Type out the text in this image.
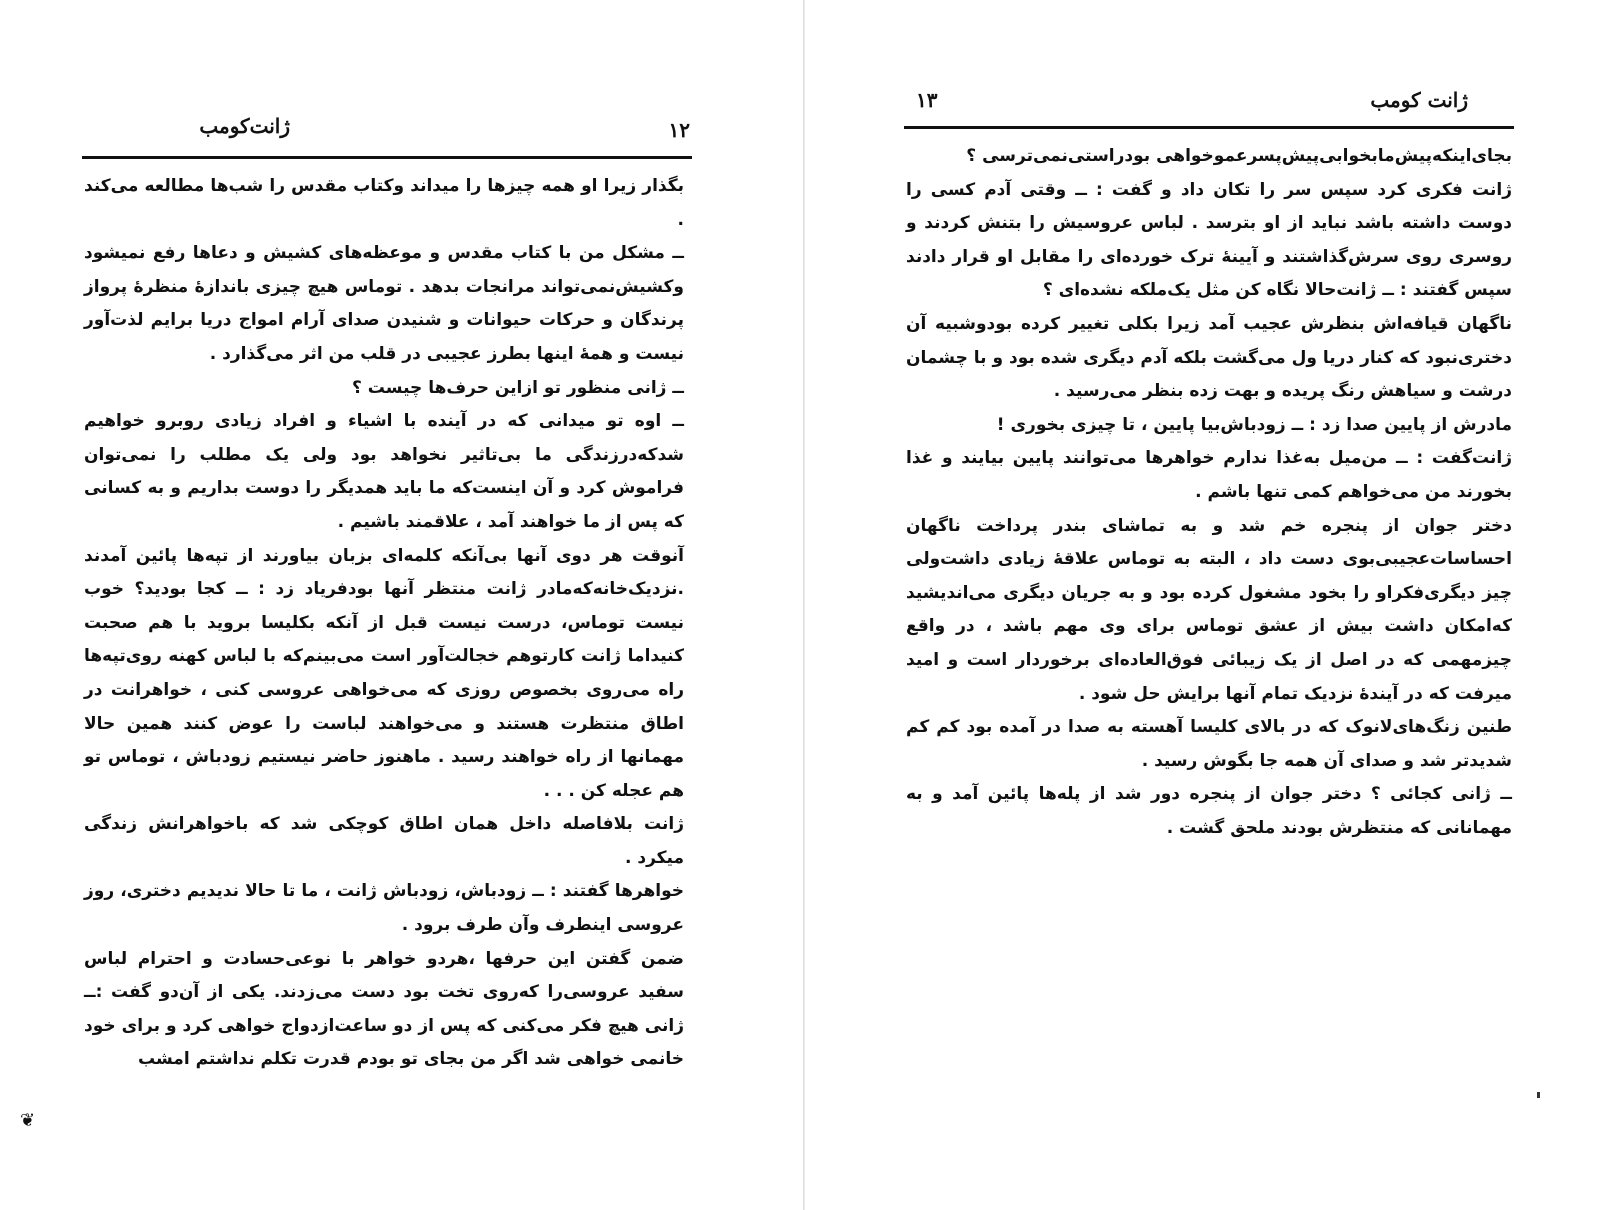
ژانت‌کومب	۱۲

بگذار زیرا او همه چیزها را میداند وکتاب مقدس را شب‌ها مطالعه می‌کند .

ــ مشکل من با کتاب مقدس و موعظه‌های کشیش و دعاها رفع نمیشود وکشیش‌نمی‌تواند مرانجات بدهد . توماس هیچ چیزی باندازهٔ منظرهٔ پرواز پرندگان و حرکات حیوانات و شنیدن صدای آرام امواج دریا برایم لذت‌آور نیست و همهٔ اینها بطرز عجیبی در قلب من اثر می‌گذارد .

ــ ژانی منظور تو ازاین حرف‌ها چیست ؟

ــ اوه تو میدانی که در آینده با اشیاء و افراد زیادی روبرو خواهیم شدکه‌درزندگی ما بی‌تاثیر نخواهد بود ولی یک مطلب را نمی‌توان فراموش کرد و آن اینست‌که ما باید همدیگر را دوست بداریم و به کسانی که پس از ما خواهند آمد ، علاقمند باشیم .

آنوقت هر دوی آنها بی‌آنکه کلمه‌ای بزبان بیاورند از تپه‌ها پائین آمدند .نزدیک‌خانه‌که‌مادر ژانت منتظر آنها بودفریاد زد : ــ کجا بودید؟ خوب نیست توماس، درست نیست قبل از آنکه بکلیسا بروید با هم صحبت کنیداما ژانت کارتوهم خجالت‌آور است می‌بینم‌که با لباس کهنه روی‌تپه‌ها راه می‌روی بخصوص روزی که می‌خواهی عروسی کنی ، خواهرانت در اطاق منتظرت هستند و می‌خواهند لباست را عوض کنند همین حالا مهمانها از راه خواهند رسید . ماهنوز حاضر نیستیم زودباش ، توماس تو هم عجله کن . . .

ژانت بلافاصله داخل همان اطاق کوچکی شد که باخواهرانش زندگی میکرد .

خواهرها گفتند : ــ زودباش، زودباش ژانت ، ما تا حالا ندیدیم دختری، روز عروسی اینطرف وآن طرف برود .

ضمن گفتن این حرفها ،هردو خواهر با نوعی‌حسادت و احترام لباس سفید عروسی‌را کەروی تخت بود دست می‌زدند. یکی از آن‌دو گفت :ــ ژانی هیچ فکر می‌کنی که پس از دو ساعت‌ازدواج خواهی کرد و برای خود خانمی خواهی شد اگر من بجای تو بودم قدرت تکلم نداشتم امشب

❦
ژانت کومب
۱۳

بجای‌اینکه‌پیش‌مابخوابی‌پیش‌پسرعموخواهی بودراستی‌نمی‌ترسی ؟

ژانت فکری کرد سپس سر را تکان داد و گفت : ــ وقتی آدم کسی را دوست داشته باشد نباید از او بترسد . لباس عروسیش را بتنش کردند و روسری روی سرش‌گذاشتند و آیینهٔ ترک خورده‌ای را مقابل او قرار دادند سپس گفتند : ــ ژانت‌حالا نگاه کن مثل یک‌ملکه نشده‌ای ؟

ناگهان قیافه‌اش بنظرش عجیب آمد زیرا بکلی تغییر کرده بودوشبیه آن دختری‌نبود که کنار دریا ول می‌گشت بلکه آدم دیگری شده بود و با چشمان درشت و سیاهش رنگ پریده و بهت زده بنظر می‌رسید .

مادرش از پایین صدا زد : ــ زودباش‌بیا پایین ، تا چیزی بخوری !

ژانت‌گفت : ــ من‌میل به‌غذا ندارم خواهرها می‌توانند پایین بیایند و غذا بخورند من می‌خواهم کمی تنها باشم .

دختر جوان از پنجره خم شد و به تماشای بندر پرداخت ناگهان احساسات‌عجیبی‌بوی دست داد ، البته به توماس علاقهٔ زیادی داشت‌ولی چیز دیگری‌فکراو را بخود مشغول کرده بود و به جریان دیگری می‌اندیشید که‌امکان داشت بیش از عشق توماس برای وی مهم باشد ، در واقع چیزمهمی که در اصل از یک زیبائی فوق‌العاده‌ای برخوردار است و امید میرفت که در آیندهٔ نزدیک تمام آنها برایش حل شود .

طنین زنگ‌های‌لانوک که در بالای کلیسا آهسته به صدا در آمده بود کم کم شدیدتر شد و صدای آن همه جا بگوش رسید .

ــ ژانی کجائی ؟ دختر جوان از پنجره دور شد از پله‌ها پائین آمد و به مهمانانی که منتظرش بودند ملحق گشت .
